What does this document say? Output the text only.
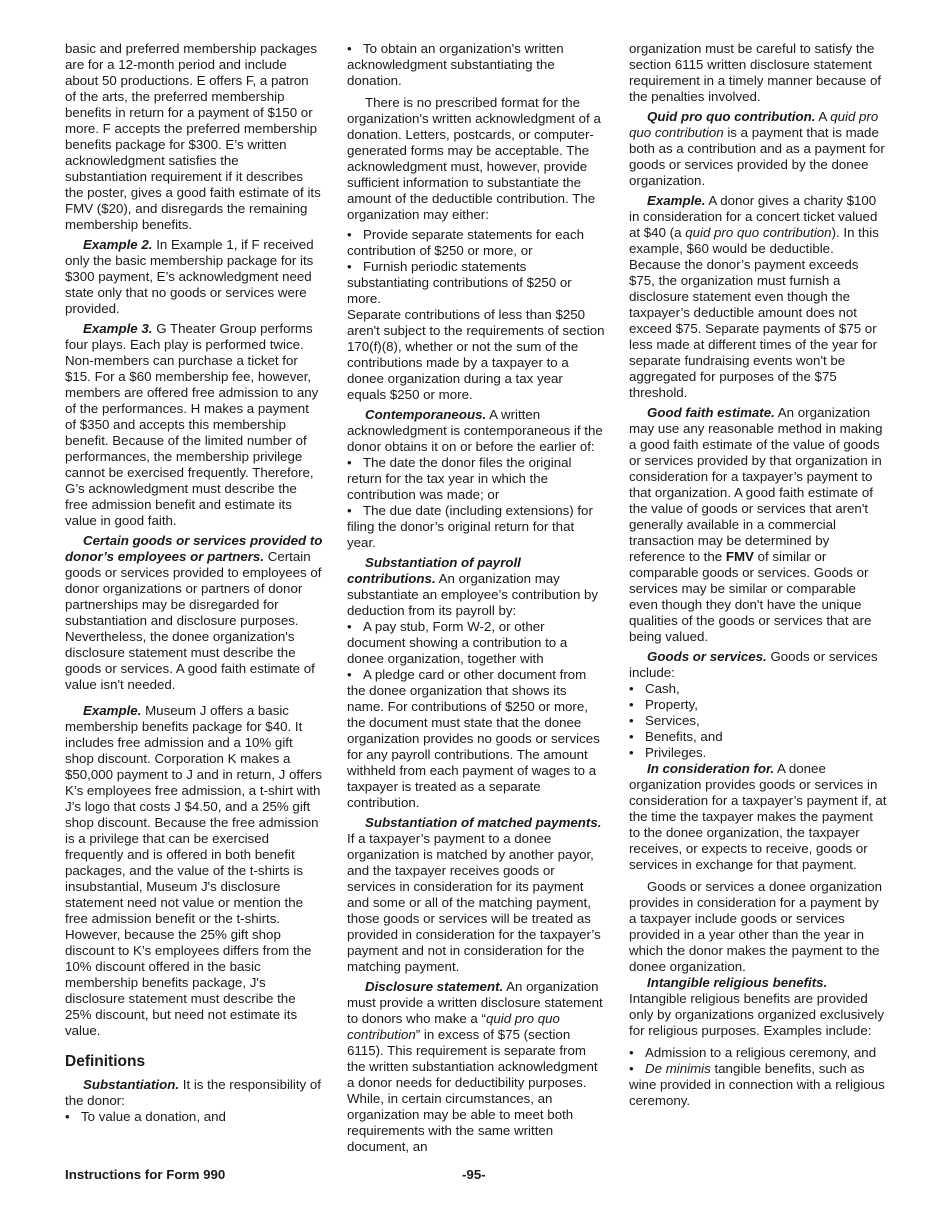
basic and preferred membership packages are for a 12-month period and include about 50 productions. E offers F, a patron of the arts, the preferred membership benefits in return for a payment of $150 or more. F accepts the preferred membership benefits package for $300. E’s written acknowledgment satisfies the substantiation requirement if it describes the poster, gives a good faith estimate of its FMV ($20), and disregards the remaining membership benefits.

Example 2. In Example 1, if F received only the basic membership package for its $300 payment, E’s acknowledgment need state only that no goods or services were provided.

Example 3. G Theater Group performs four plays. Each play is performed twice. Non-members can purchase a ticket for $15. For a $60 membership fee, however, members are offered free admission to any of the performances. H makes a payment of $350 and accepts this membership benefit. Because of the limited number of performances, the membership privilege cannot be exercised frequently. Therefore, G’s acknowledgment must describe the free admission benefit and estimate its value in good faith.

Certain goods or services provided to donor’s employees or partners. Certain goods or services provided to employees of donor organizations or partners of donor partnerships may be disregarded for substantiation and disclosure purposes. Nevertheless, the donee organization's disclosure statement must describe the goods or services. A good faith estimate of value isn't needed.

Example. Museum J offers a basic membership benefits package for $40. It includes free admission and a 10% gift shop discount. Corporation K makes a $50,000 payment to J and in return, J offers K’s employees free admission, a t-shirt with J’s logo that costs J $4.50, and a 25% gift shop discount. Because the free admission is a privilege that can be exercised frequently and is offered in both benefit packages, and the value of the t-shirts is insubstantial, Museum J's disclosure statement need not value or mention the free admission benefit or the t-shirts. However, because the 25% gift shop discount to K’s employees differs from the 10% discount offered in the basic membership benefits package, J's disclosure statement must describe the 25% discount, but need not estimate its value.

Definitions

Substantiation. It is the responsibility of the donor:

• To value a donation, and

• To obtain an organization's written acknowledgment substantiating the donation.

There is no prescribed format for the organization's written acknowledgment of a donation. Letters, postcards, or computer-generated forms may be acceptable. The acknowledgment must, however, provide sufficient information to substantiate the amount of the deductible contribution. The organization may either:

• Provide separate statements for each contribution of $250 or more, or

• Furnish periodic statements substantiating contributions of $250 or more.

Separate contributions of less than $250 aren't subject to the requirements of section 170(f)(8), whether or not the sum of the contributions made by a taxpayer to a donee organization during a tax year equals $250 or more.

Contemporaneous. A written acknowledgment is contemporaneous if the donor obtains it on or before the earlier of:

• The date the donor files the original return for the tax year in which the contribution was made; or

• The due date (including extensions) for filing the donor’s original return for that year.

Substantiation of payroll contributions. An organization may substantiate an employee’s contribution by deduction from its payroll by:

• A pay stub, Form W-2, or other document showing a contribution to a donee organization, together with

• A pledge card or other document from the donee organization that shows its name. For contributions of $250 or more, the document must state that the donee organization provides no goods or services for any payroll contributions. The amount withheld from each payment of wages to a taxpayer is treated as a separate contribution.

Substantiation of matched payments. If a taxpayer’s payment to a donee organization is matched by another payor, and the taxpayer receives goods or services in consideration for its payment and some or all of the matching payment, those goods or services will be treated as provided in consideration for the taxpayer’s payment and not in consideration for the matching payment.

Disclosure statement. An organization must provide a written disclosure statement to donors who make a “quid pro quo contribution” in excess of $75 (section 6115). This requirement is separate from the written substantiation acknowledgment a donor needs for deductibility purposes. While, in certain circumstances, an organization may be able to meet both requirements with the same written document, an

organization must be careful to satisfy the section 6115 written disclosure statement requirement in a timely manner because of the penalties involved.

Quid pro quo contribution. A quid pro quo contribution is a payment that is made both as a contribution and as a payment for goods or services provided by the donee organization.

Example. A donor gives a charity $100 in consideration for a concert ticket valued at $40 (a quid pro quo contribution). In this example, $60 would be deductible. Because the donor’s payment exceeds $75, the organization must furnish a disclosure statement even though the taxpayer’s deductible amount does not exceed $75. Separate payments of $75 or less made at different times of the year for separate fundraising events won't be aggregated for purposes of the $75 threshold.

Good faith estimate. An organization may use any reasonable method in making a good faith estimate of the value of goods or services provided by that organization in consideration for a taxpayer’s payment to that organization. A good faith estimate of the value of goods or services that aren't generally available in a commercial transaction may be determined by reference to the FMV of similar or comparable goods or services. Goods or services may be similar or comparable even though they don't have the unique qualities of the goods or services that are being valued.

Goods or services. Goods or services include:

• Cash,

• Property,

• Services,

• Benefits, and

• Privileges.

In consideration for. A donee organization provides goods or services in consideration for a taxpayer’s payment if, at the time the taxpayer makes the payment to the donee organization, the taxpayer receives, or expects to receive, goods or services in exchange for that payment.

Goods or services a donee organization provides in consideration for a payment by a taxpayer include goods or services provided in a year other than the year in which the donor makes the payment to the donee organization.

Intangible religious benefits. Intangible religious benefits are provided only by organizations organized exclusively for religious purposes. Examples include:

• Admission to a religious ceremony, and

• De minimis tangible benefits, such as wine provided in connection with a religious ceremony.

Instructions for Form 990	-95-
